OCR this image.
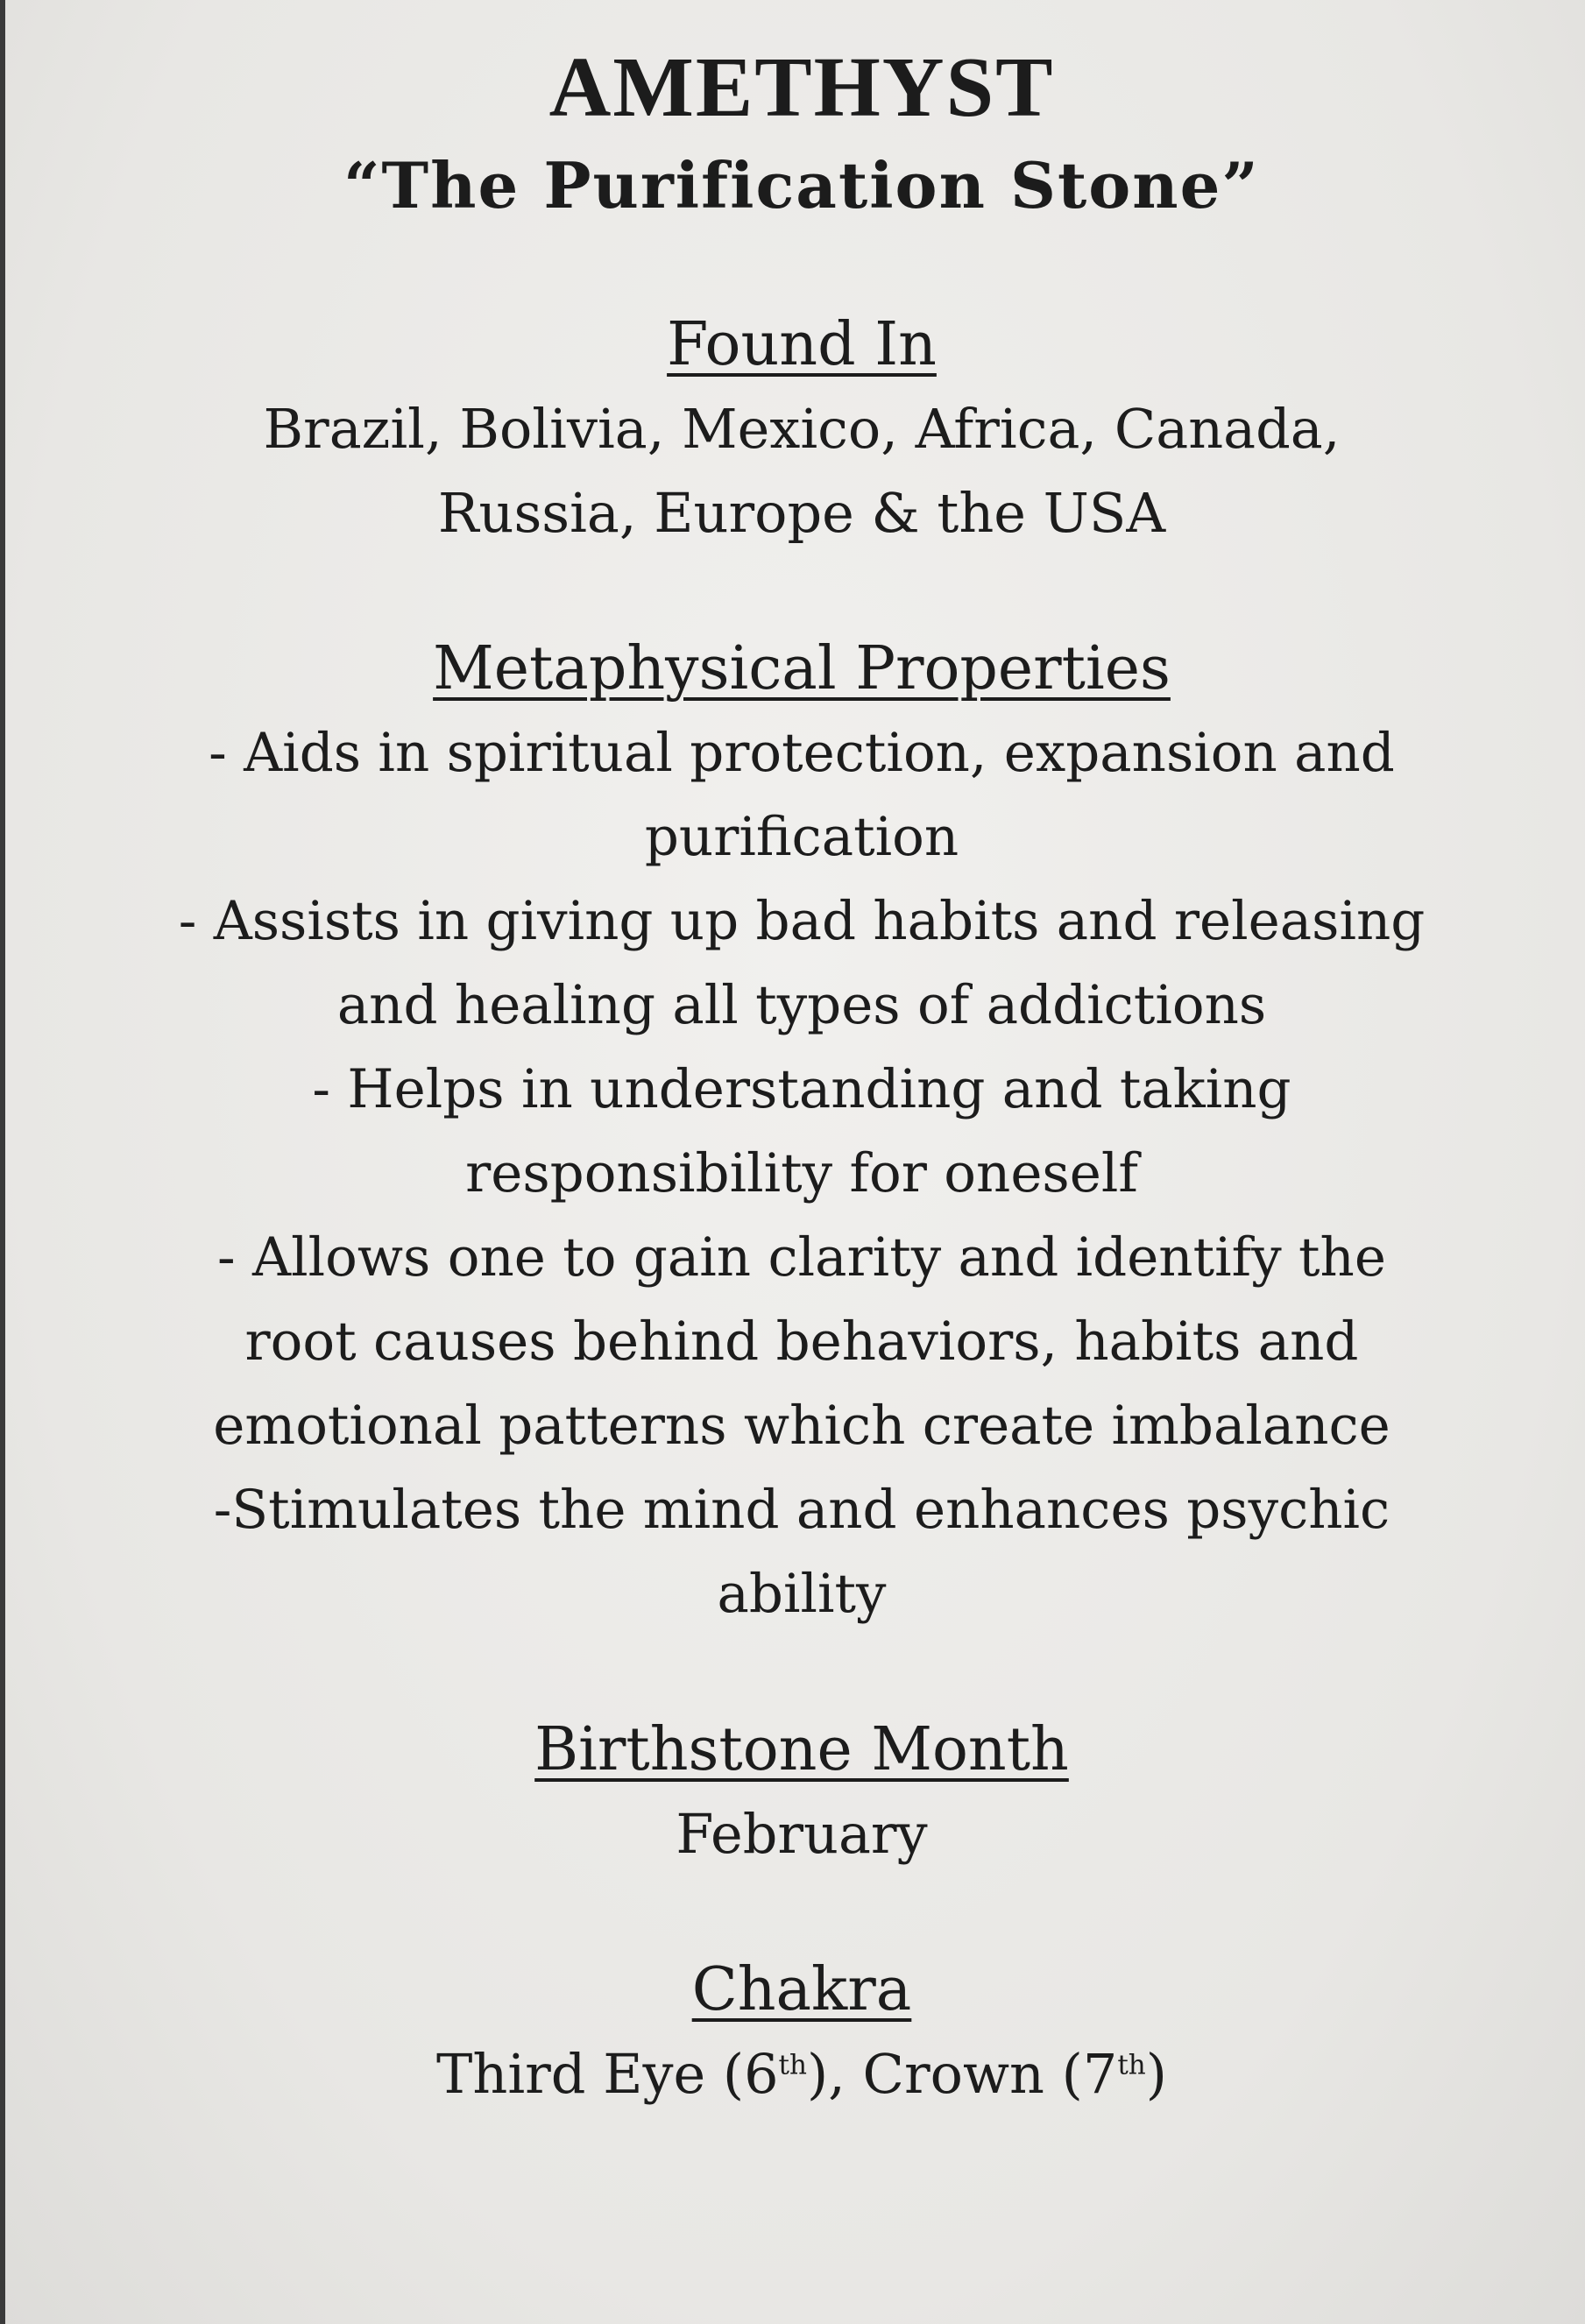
AMETHYST
“The Purification Stone”
Found In

Brazil, Bolivia, Mexico, Africa, Canada,
Russia, Europe & the USA

Metaphysical Properties

- Aids in spiritual protection, expansion and
purification
- Assists in giving up bad habits and releasing
and healing all types of addictions
- Helps in understanding and taking
responsibility for oneself
- Allows one to gain clarity and identify the
root causes behind behaviors, habits and
emotional patterns which create imbalance
-Stimulates the mind and enhances psychic
ability

Birthstone Month

February

Chakra

Third Eye (6th), Crown (7th)
